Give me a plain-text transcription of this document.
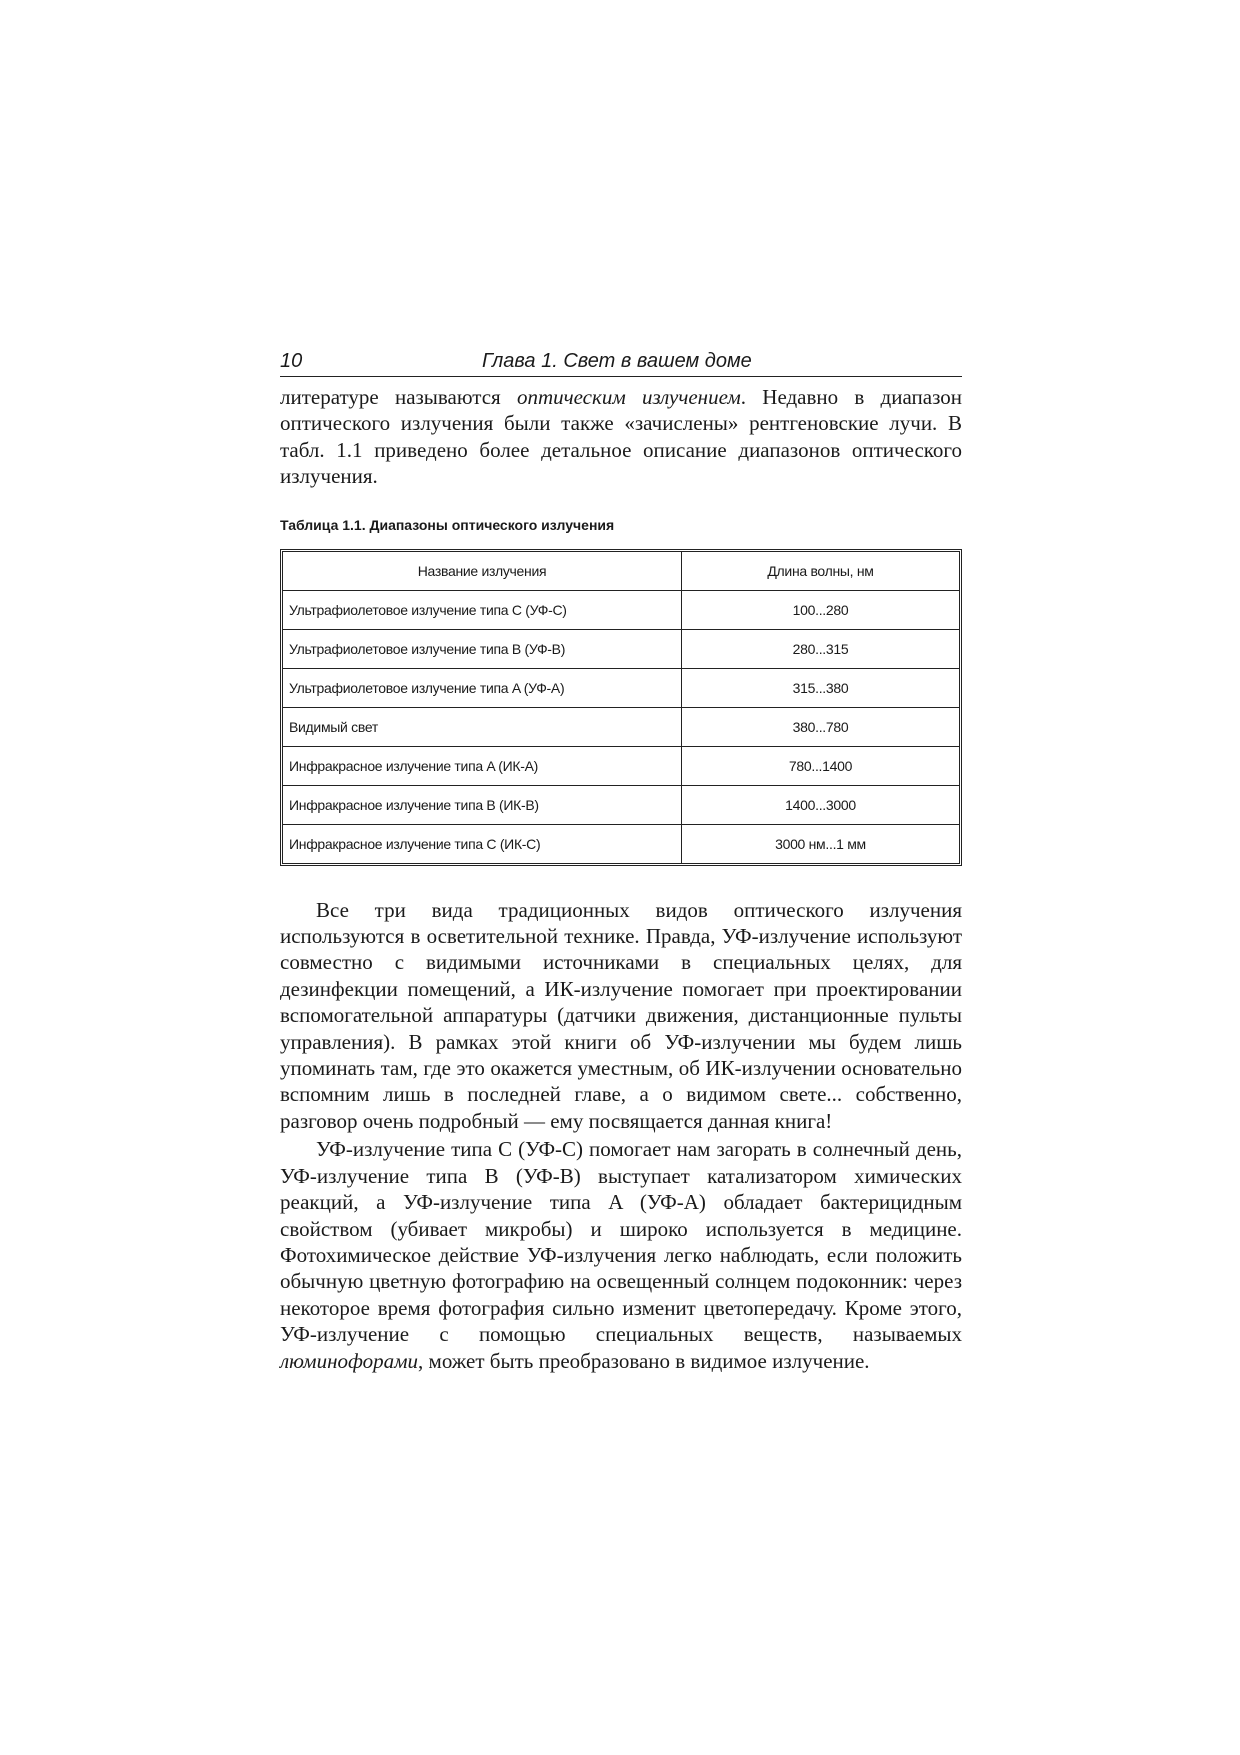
10	Глава 1. Свет в вашем доме

литературе называются оптическим излучением. Недавно в диапазон оптического излучения были также «зачислены» рентгеновские лучи. В табл. 1.1 приведено более детальное описание диапазонов оптического излучения.

Таблица 1.1. Диапазоны оптического излучения

Название излучения	Длина волны, нм
Ультрафиолетовое излучение типа C (УФ-C)	100...280
Ультрафиолетовое излучение типа B (УФ-B)	280...315
Ультрафиолетовое излучение типа A (УФ-A)	315...380
Видимый свет	380...780
Инфракрасное излучение типа A (ИК-A)	780...1400
Инфракрасное излучение типа B (ИК-B)	1400...3000
Инфракрасное излучение типа C (ИК-C)	3000 нм...1 мм

Все три вида традиционных видов оптического излучения используются в осветительной технике. Правда, УФ-излучение используют совместно с видимыми источниками в специальных целях, для дезинфекции помещений, а ИК-излучение помогает при проектировании вспомогательной аппаратуры (датчики движения, дистанционные пульты управления). В рамках этой книги об УФ-излучении мы будем лишь упоминать там, где это окажется уместным, об ИК-излучении основательно вспомним лишь в последней главе, а о видимом свете... собственно, разговор очень подробный — ему посвящается данная книга!

УФ-излучение типа C (УФ-C) помогает нам загорать в солнечный день, УФ-излучение типа B (УФ-B) выступает катализатором химических реакций, а УФ-излучение типа A (УФ-A) обладает бактерицидным свойством (убивает микробы) и широко используется в медицине. Фотохимическое действие УФ-излучения легко наблюдать, если положить обычную цветную фотографию на освещенный солнцем подоконник: через некоторое время фотография сильно изменит цветопередачу. Кроме этого, УФ-излучение с помощью специальных веществ, называемых люминофорами, может быть преобразовано в видимое излучение.
